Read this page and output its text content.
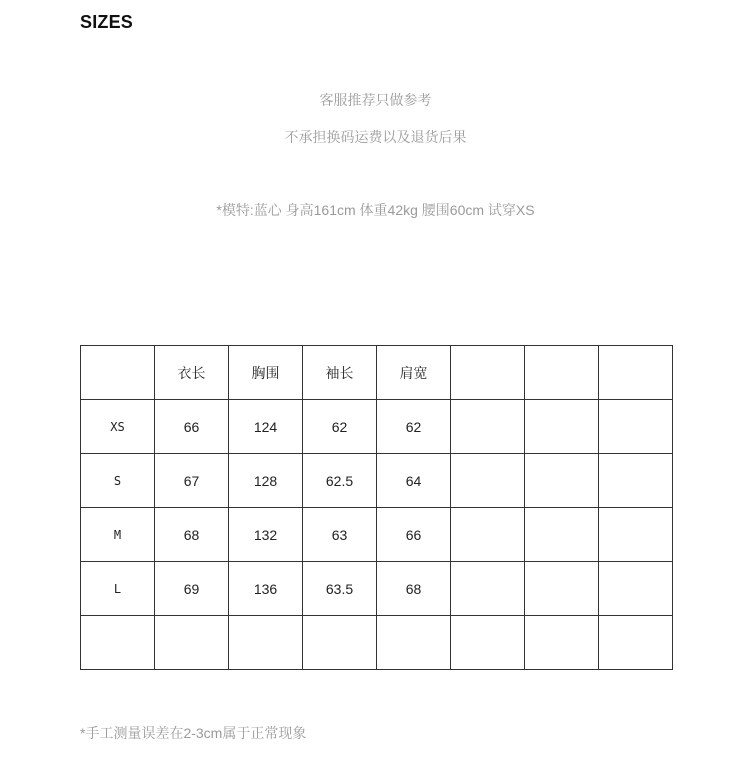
SIZES
客服推荐只做参考
不承担换码运费以及退货后果
*模特:蓝心 身高161cm 体重42kg 腰围60cm 试穿XS
	衣长	胸围	袖长	肩宽			
XS	66	124	62	62			
S	67	128	62.5	64			
M	68	132	63	66			
L	69	136	63.5	68			

*手工测量误差在2-3cm属于正常现象
